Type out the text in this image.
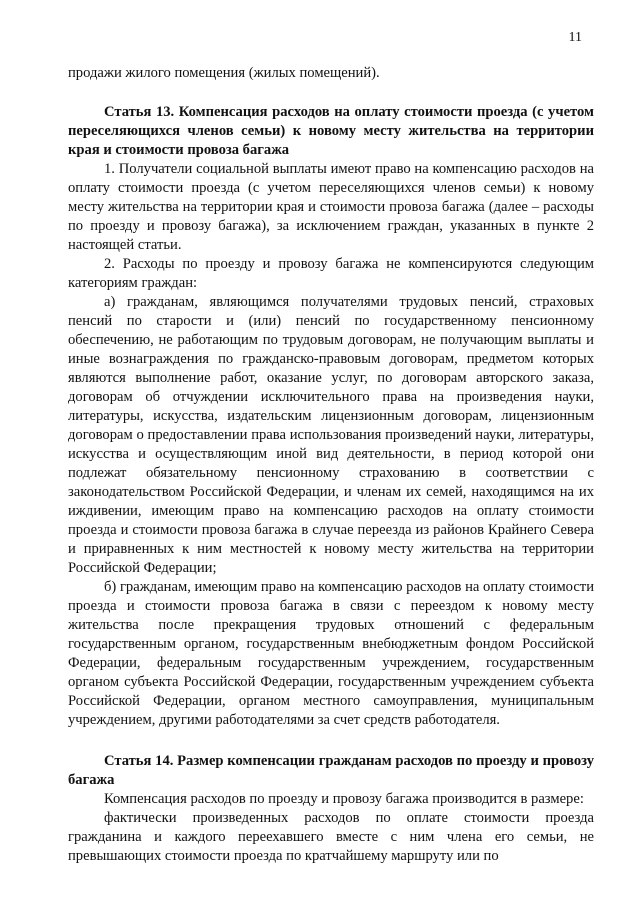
11

продажи жилого помещения (жилых помещений).

Статья 13. Компенсация расходов на оплату стоимости проезда (с учетом переселяющихся членов семьи) к новому месту жительства на территории края и стоимости провоза багажа

1. Получатели социальной выплаты имеют право на компенсацию расходов на оплату стоимости проезда (с учетом переселяющихся членов семьи) к новому месту жительства на территории края и стоимости провоза багажа (далее – расходы по проезду и провозу багажа), за исключением граждан, указанных в пункте 2 настоящей статьи.

2. Расходы по проезду и провозу багажа не компенсируются следующим категориям граждан:

а) гражданам, являющимся получателями трудовых пенсий, страховых пенсий по старости и (или) пенсий по государственному пенсионному обеспечению, не работающим по трудовым договорам, не получающим выплаты и иные вознаграждения по гражданско-правовым договорам, предметом которых являются выполнение работ, оказание услуг, по договорам авторского заказа, договорам об отчуждении исключительного права на произведения науки, литературы, искусства, издательским лицензионным договорам, лицензионным договорам о предоставлении права использования произведений науки, литературы, искусства и осуществляющим иной вид деятельности, в период которой они подлежат обязательному пенсионному страхованию в соответствии с законодательством Российской Федерации, и членам их семей, находящимся на их иждивении, имеющим право на компенсацию расходов на оплату стоимости проезда и стоимости провоза багажа в случае переезда из районов Крайнего Севера и приравненных к ним местностей к новому месту жительства на территории Российской Федерации;

б) гражданам, имеющим право на компенсацию расходов на оплату стоимости проезда и стоимости провоза багажа в связи с переездом к новому месту жительства после прекращения трудовых отношений с федеральным государственным органом, государственным внебюджетным фондом Российской Федерации, федеральным государственным учреждением, государственным органом субъекта Российской Федерации, государственным учреждением субъекта Российской Федерации, органом местного самоуправления, муниципальным учреждением, другими работодателями за счет средств работодателя.

Статья 14. Размер компенсации гражданам расходов по проезду и провозу багажа

Компенсация расходов по проезду и провозу багажа производится в размере:

фактически произведенных расходов по оплате стоимости проезда гражданина и каждого переехавшего вместе с ним члена его семьи, не превышающих стоимости проезда по кратчайшему маршруту или по
